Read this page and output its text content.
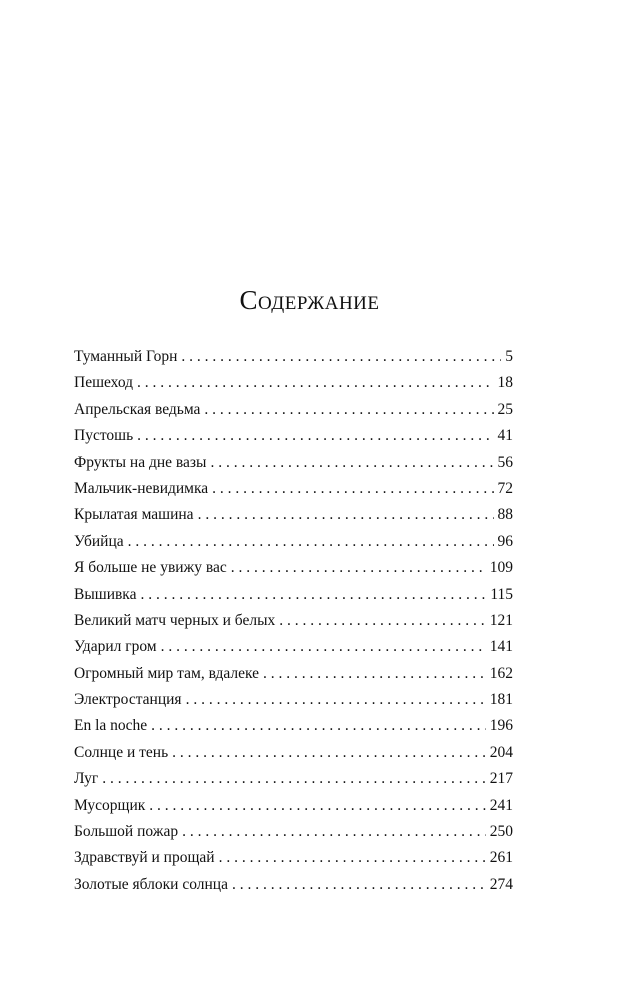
Содержание
Туманный Горн . . .	5
Пешеход . . .	18
Апрельская ведьма . . .	25
Пустошь . . .	41
Фрукты на дне вазы . . .	56
Мальчик-невидимка . . .	72
Крылатая машина . . .	88
Убийца . . .	96
Я больше не увижу вас . . .	109
Вышивка . . .	115
Великий матч черных и белых . . .	121
Ударил гром . . .	141
Огромный мир там, вдалеке . . .	162
Электростанция . . .	181
En la noche . . .	196
Солнце и тень . . .	204
Луг . . .	217
Мусорщик . . .	241
Большой пожар . . .	250
Здравствуй и прощай . . .	261
Золотые яблоки солнца . . .	274
